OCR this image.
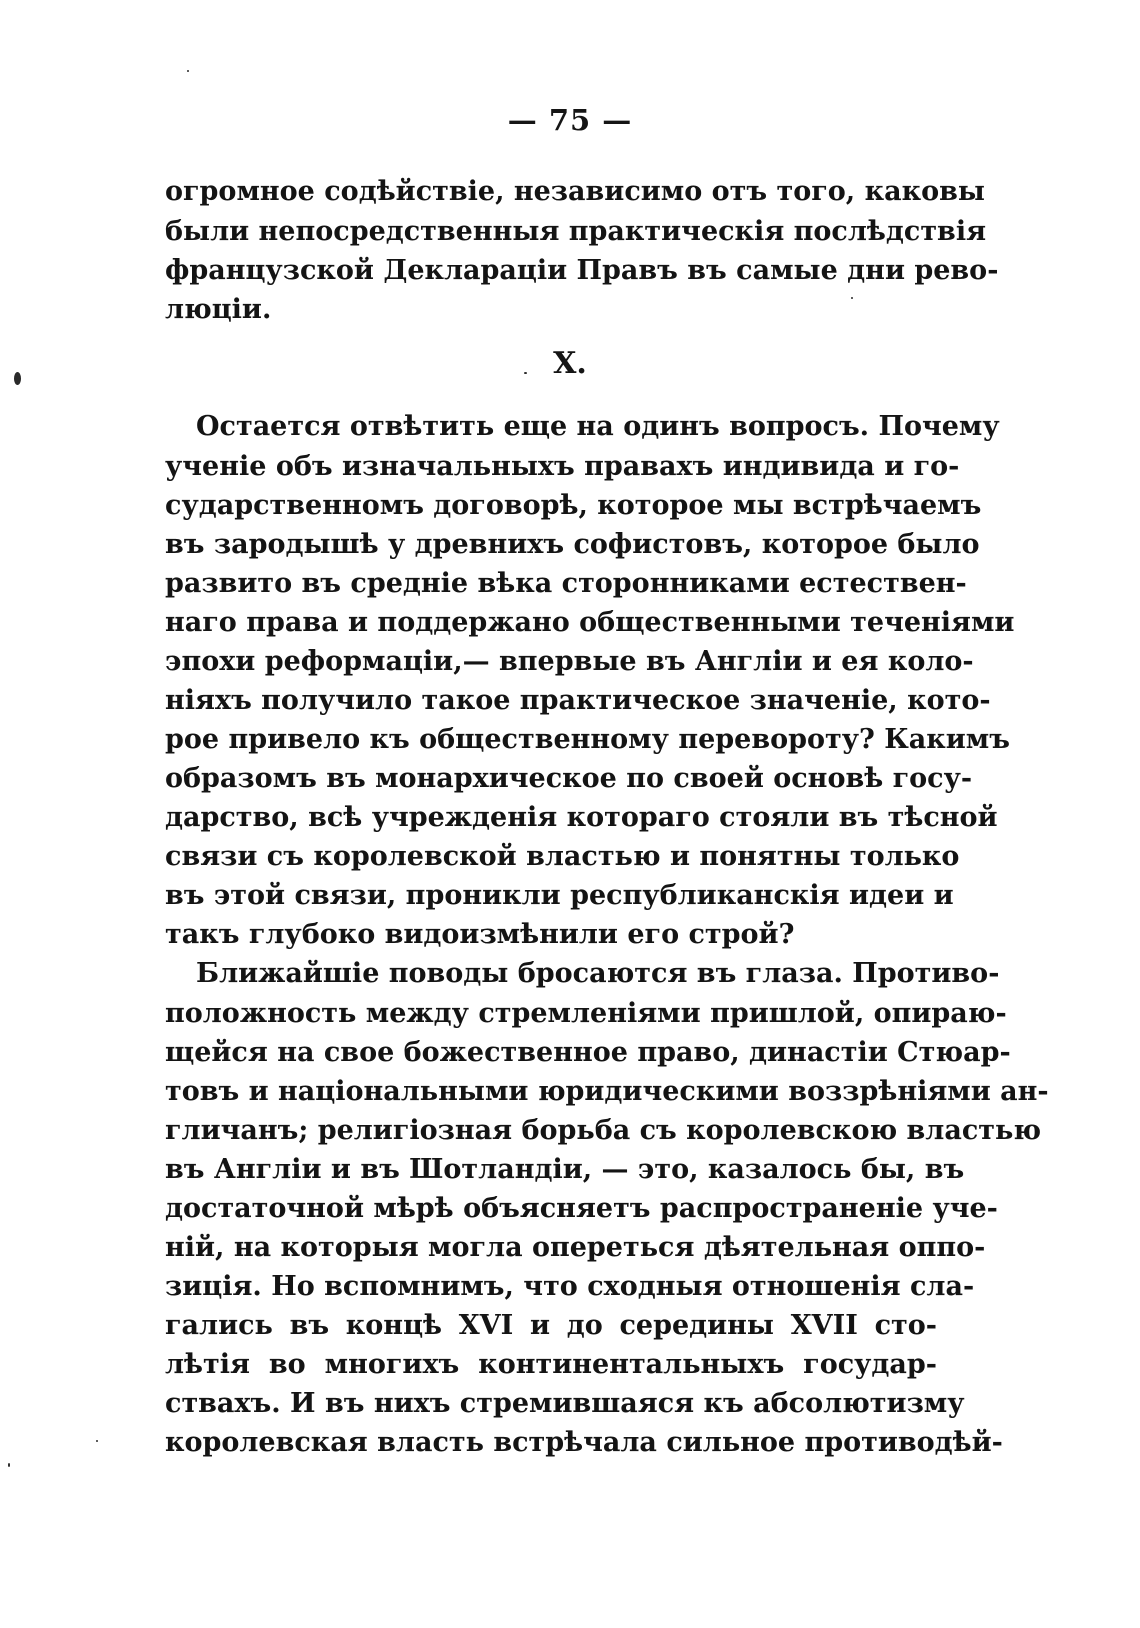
— 75 —
огромное содѣйствіе, независимо отъ того, каковы
были непосредственныя практическія послѣдствія
французской Деклараціи Правъ въ самые дни рево-
люціи.
X.
Остается отвѣтить еще на одинъ вопросъ. Почему
ученіе объ изначальныхъ правахъ индивида и го-
сударственномъ договорѣ, которое мы встрѣчаемъ
въ зародышѣ у древнихъ софистовъ, которое было
развито въ средніе вѣка сторонниками естествен-
наго права и поддержано общественными теченіями
эпохи реформаціи,— впервые въ Англіи и ея коло-
ніяхъ получило такое практическое значеніе, кото-
рое привело къ общественному перевороту? Какимъ
образомъ въ монархическое по своей основѣ госу-
дарство, всѣ учрежденія котораго стояли въ тѣсной
связи съ королевской властью и понятны только
въ этой связи, проникли республиканскія идеи и
такъ глубоко видоизмѣнили его строй?
Ближайшіе поводы бросаются въ глаза. Противо-
положность между стремленіями пришлой, опираю-
щейся на свое божественное право, династіи Стюар-
товъ и національными юридическими воззрѣніями ан-
гличанъ; религіозная борьба съ королевскою властью
въ Англіи и въ Шотландіи, — это, казалось бы, въ
достаточной мѣрѣ объясняетъ распространеніе уче-
ній, на которыя могла опереться дѣятельная оппо-
зиція. Но вспомнимъ, что сходныя отношенія сла-
гались въ концѣ XVI и до середины XVII сто-
лѣтія во многихъ континентальныхъ государ-
ствахъ. И въ нихъ стремившаяся къ абсолютизму
королевская власть встрѣчала сильное противодѣй-
